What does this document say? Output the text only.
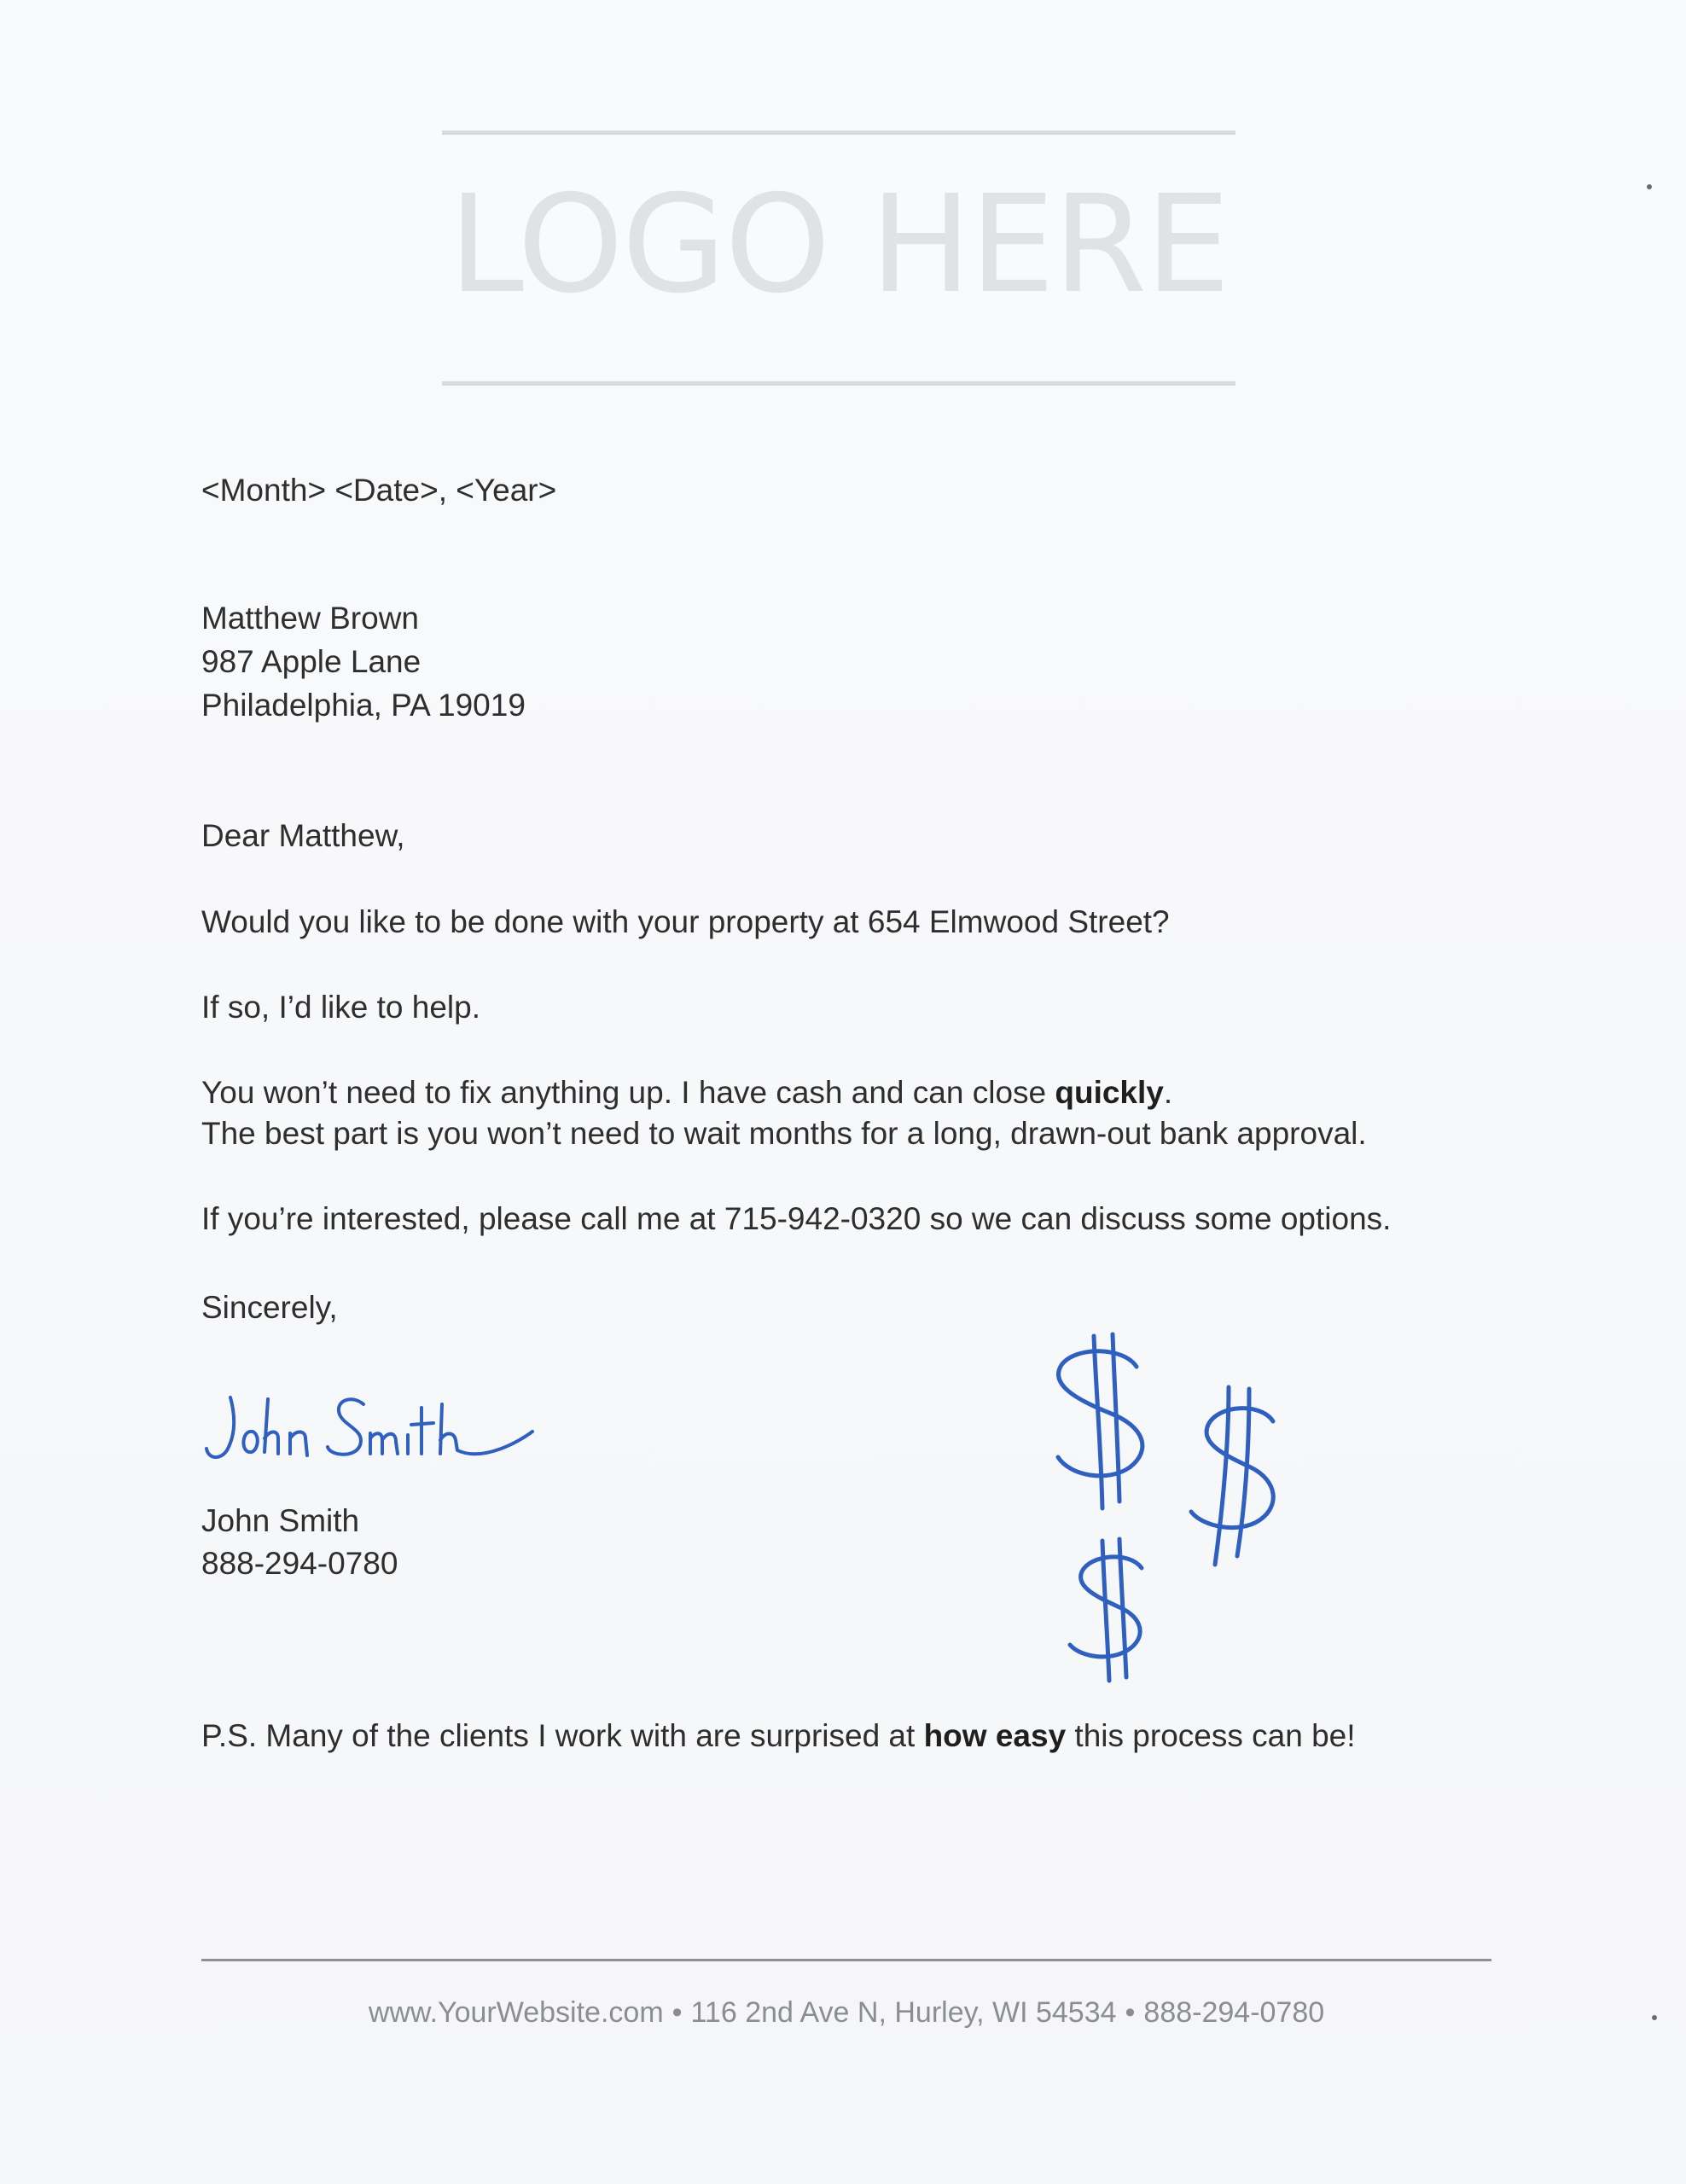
LOGO HERE
<Month> <Date>, <Year>
Matthew Brown
987 Apple Lane
Philadelphia, PA 19019
Dear Matthew,
Would you like to be done with your property at 654 Elmwood Street?
If so, I’d like to help.
You won’t need to fix anything up. I have cash and can close quickly.
The best part is you won’t need to wait months for a long, drawn-out bank approval.
If you’re interested, please call me at 715-942-0320 so we can discuss some options.
Sincerely,
John Smith
888-294-0780
P.S. Many of the clients I work with are surprised at how easy this process can be!
www.YourWebsite.com • 116 2nd Ave N, Hurley, WI 54534 • 888-294-0780
